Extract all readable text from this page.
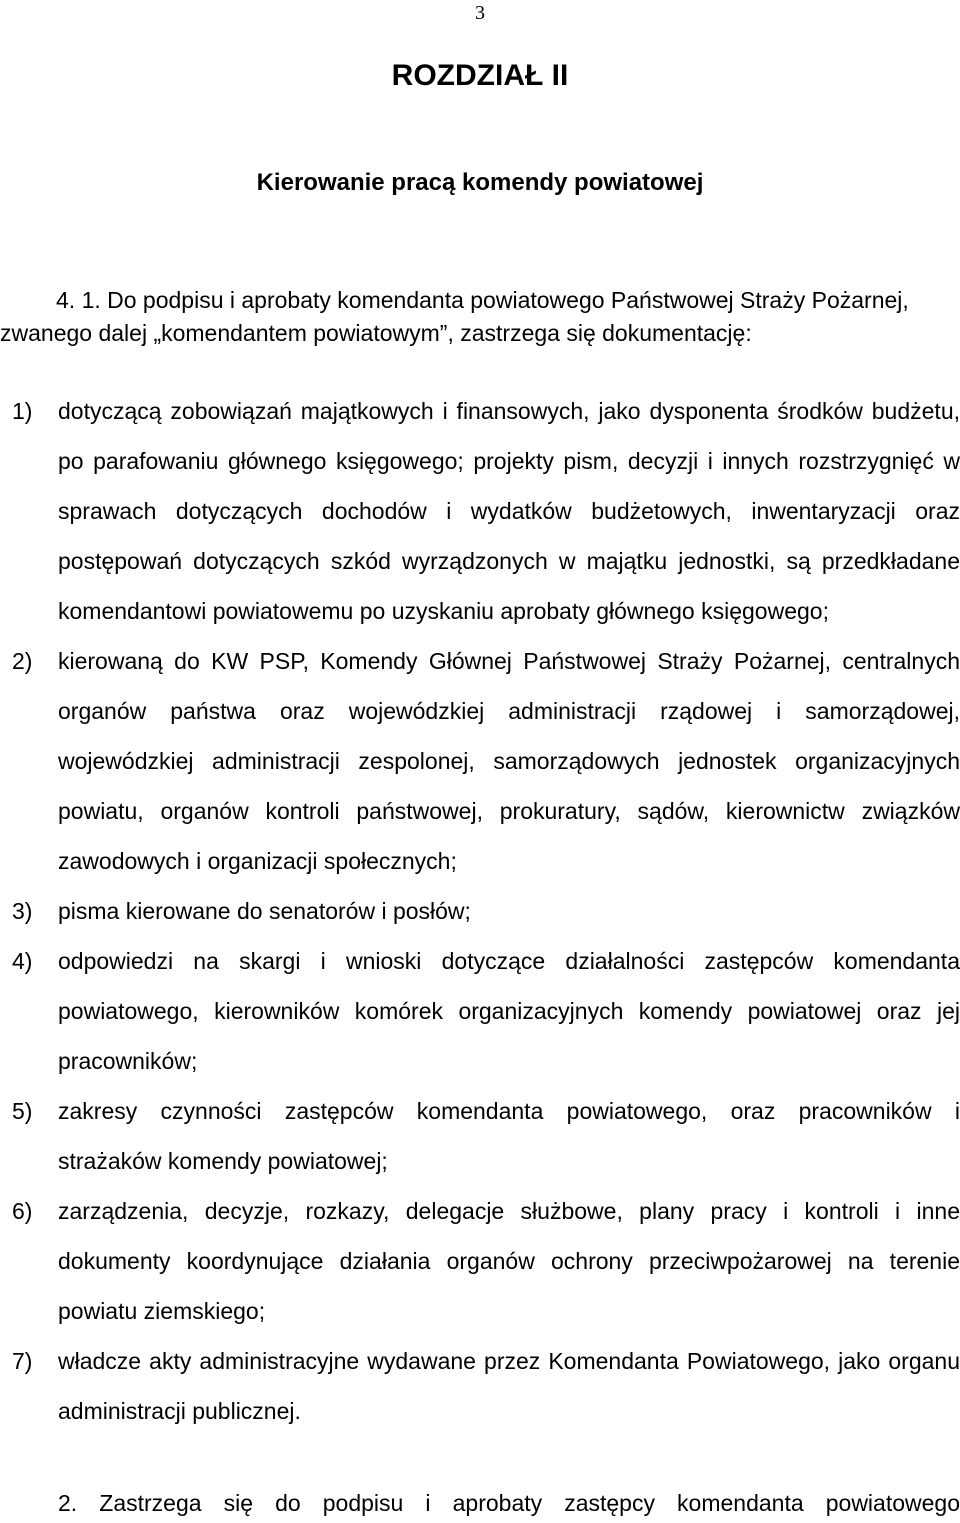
3
ROZDZIAŁ II
Kierowanie pracą komendy powiatowej
4. 1. Do podpisu i aprobaty komendanta powiatowego Państwowej Straży Pożarnej,
zwanego dalej „komendantem powiatowym”, zastrzega się dokumentację:
1) dotyczącą zobowiązań majątkowych i finansowych, jako dysponenta środków budżetu,
po parafowaniu głównego księgowego; projekty pism, decyzji i innych rozstrzygnięć w
sprawach dotyczących dochodów i wydatków budżetowych, inwentaryzacji oraz
postępowań dotyczących szkód wyrządzonych w majątku jednostki, są przedkładane
komendantowi powiatowemu po uzyskaniu aprobaty głównego księgowego;
2) kierowaną do KW PSP, Komendy Głównej Państwowej Straży Pożarnej, centralnych
organów państwa oraz wojewódzkiej administracji rządowej i samorządowej,
wojewódzkiej administracji zespolonej, samorządowych jednostek organizacyjnych
powiatu, organów kontroli państwowej, prokuratury, sądów, kierownictw związków
zawodowych i organizacji społecznych;
3) pisma kierowane do senatorów i posłów;
4) odpowiedzi na skargi i wnioski dotyczące działalności zastępców komendanta
powiatowego, kierowników komórek organizacyjnych komendy powiatowej oraz jej
pracowników;
5) zakresy czynności zastępców komendanta powiatowego, oraz pracowników i
strażaków komendy powiatowej;
6) zarządzenia, decyzje, rozkazy, delegacje służbowe, plany pracy i kontroli i inne
dokumenty koordynujące działania organów ochrony przeciwpożarowej na terenie
powiatu ziemskiego;
7) władcze akty administracyjne wydawane przez Komendanta Powiatowego, jako organu
administracji publicznej.
2. Zastrzega się do podpisu i aprobaty zastępcy komendanta powiatowego
